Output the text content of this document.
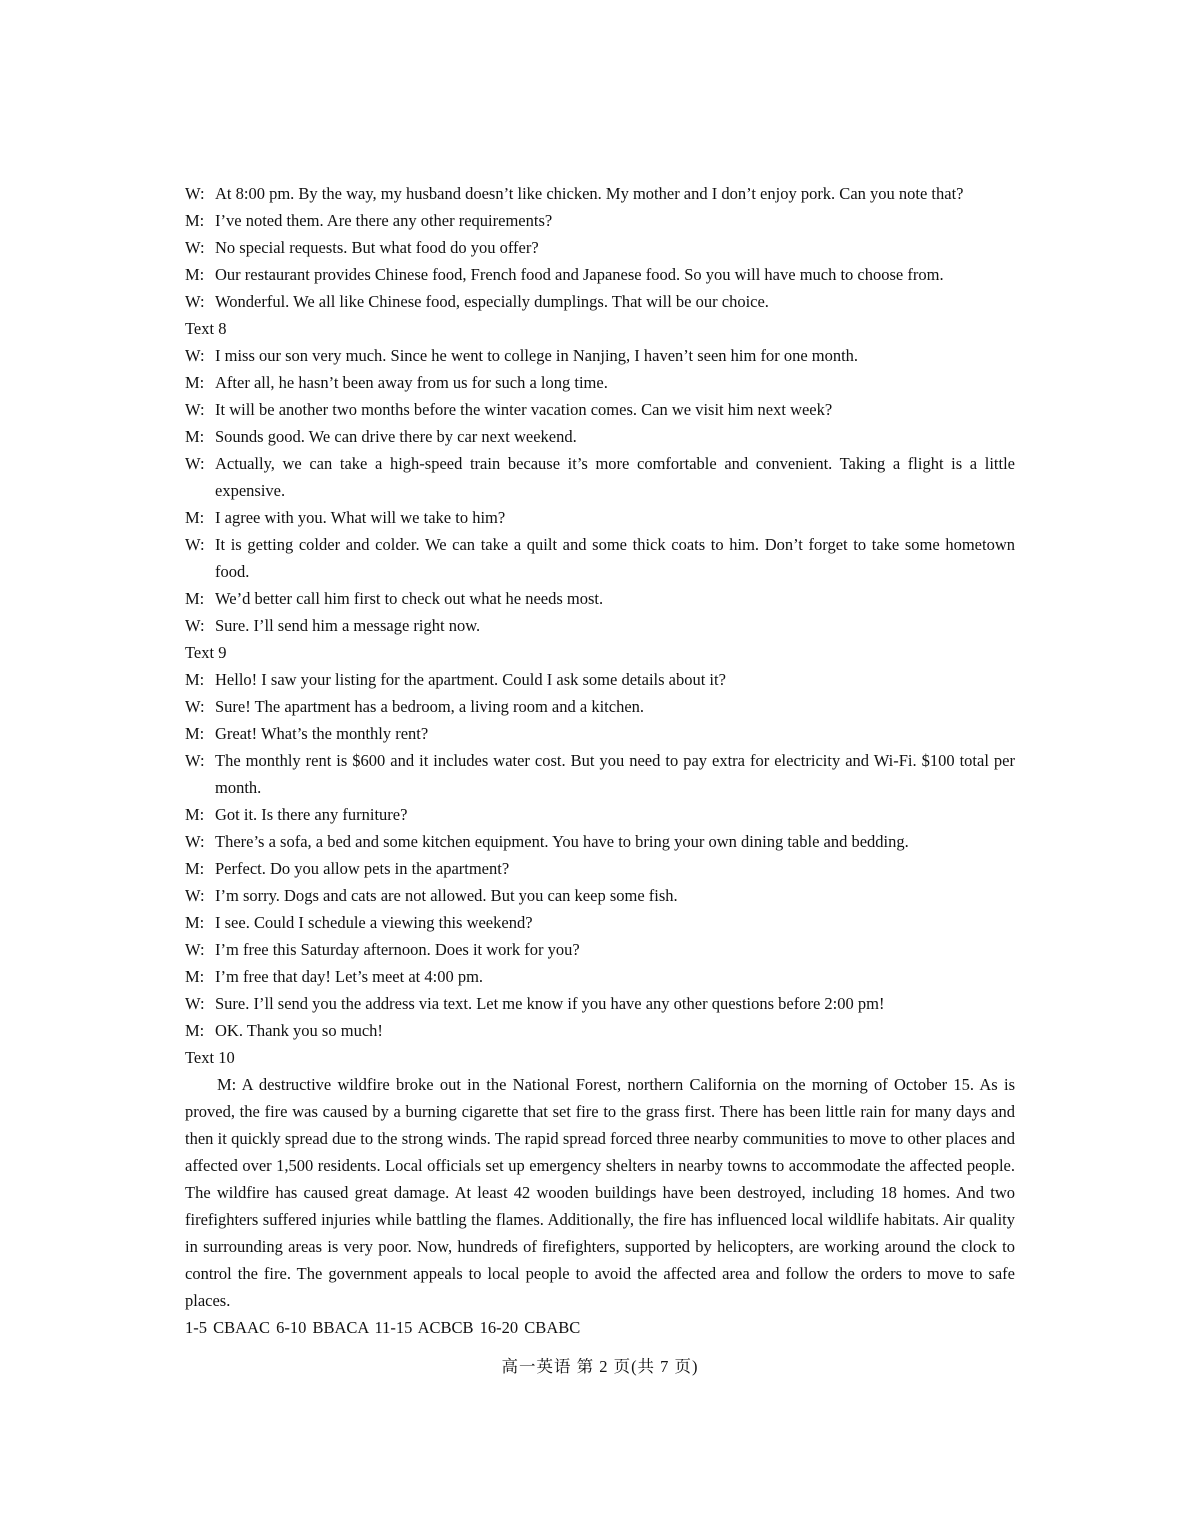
W: At 8:00 pm. By the way, my husband doesn’t like chicken. My mother and I don’t enjoy pork. Can you note that?

M: I’ve noted them. Are there any other requirements?

W: No special requests. But what food do you offer?

M: Our restaurant provides Chinese food, French food and Japanese food. So you will have much to choose from.

W: Wonderful. We all like Chinese food, especially dumplings. That will be our choice.

Text 8

W: I miss our son very much. Since he went to college in Nanjing, I haven’t seen him for one month.

M: After all, he hasn’t been away from us for such a long time.

W: It will be another two months before the winter vacation comes. Can we visit him next week?

M: Sounds good. We can drive there by car next weekend.

W: Actually, we can take a high-speed train because it’s more comfortable and convenient. Taking a flight is a little expensive.

M: I agree with you. What will we take to him?

W: It is getting colder and colder. We can take a quilt and some thick coats to him. Don’t forget to take some hometown food.

M: We’d better call him first to check out what he needs most.

W: Sure. I’ll send him a message right now.

Text 9

M: Hello! I saw your listing for the apartment. Could I ask some details about it?

W: Sure! The apartment has a bedroom, a living room and a kitchen.

M: Great! What’s the monthly rent?

W: The monthly rent is $600 and it includes water cost. But you need to pay extra for electricity and Wi-Fi. $100 total per month.

M: Got it. Is there any furniture?

W: There’s a sofa, a bed and some kitchen equipment. You have to bring your own dining table and bedding.

M: Perfect. Do you allow pets in the apartment?

W: I’m sorry. Dogs and cats are not allowed. But you can keep some fish.

M: I see. Could I schedule a viewing this weekend?

W: I’m free this Saturday afternoon. Does it work for you?

M: I’m free that day! Let’s meet at 4:00 pm.

W: Sure. I’ll send you the address via text. Let me know if you have any other questions before 2:00 pm!

M: OK. Thank you so much!

Text 10

M: A destructive wildfire broke out in the National Forest, northern California on the morning of October 15. As is proved, the fire was caused by a burning cigarette that set fire to the grass first. There has been little rain for many days and then it quickly spread due to the strong winds. The rapid spread forced three nearby communities to move to other places and affected over 1,500 residents. Local officials set up emergency shelters in nearby towns to accommodate the affected people. The wildfire has caused great damage. At least 42 wooden buildings have been destroyed, including 18 homes. And two firefighters suffered injuries while battling the flames. Additionally, the fire has influenced local wildlife habitats. Air quality in surrounding areas is very poor. Now, hundreds of firefighters, supported by helicopters, are working around the clock to control the fire. The government appeals to local people to avoid the affected area and follow the orders to move to safe places.

1-5 CBAAC 6-10 BBACA 11-15 ACBCB 16-20 CBABC

高一英语 第 2 页(共 7 页)
